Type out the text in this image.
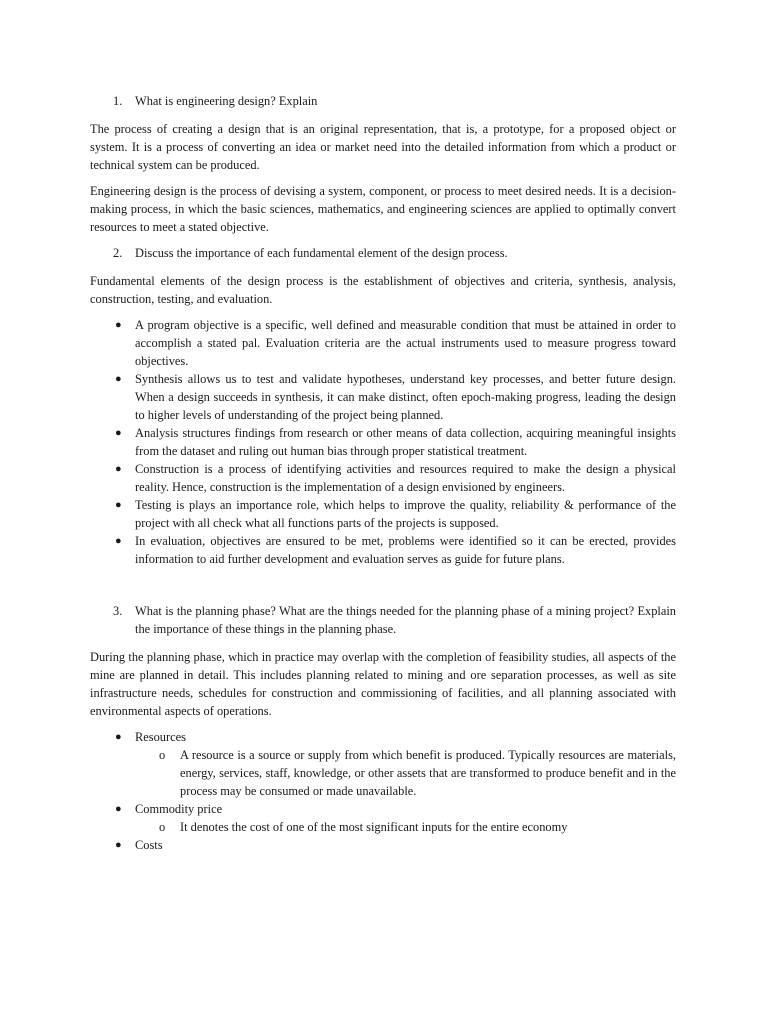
1. What is engineering design? Explain

The process of creating a design that is an original representation, that is, a prototype, for a proposed object or system. It is a process of converting an idea or market need into the detailed information from which a product or technical system can be produced.

Engineering design is the process of devising a system, component, or process to meet desired needs. It is a decision-making process, in which the basic sciences, mathematics, and engineering sciences are applied to optimally convert resources to meet a stated objective.

2. Discuss the importance of each fundamental element of the design process.

Fundamental elements of the design process is the establishment of objectives and criteria, synthesis, analysis, construction, testing, and evaluation.

● A program objective is a specific, well defined and measurable condition that must be attained in order to accomplish a stated pal. Evaluation criteria are the actual instruments used to measure progress toward objectives.
● Synthesis allows us to test and validate hypotheses, understand key processes, and better future design. When a design succeeds in synthesis, it can make distinct, often epoch-making progress, leading the design to higher levels of understanding of the project being planned.
● Analysis structures findings from research or other means of data collection, acquiring meaningful insights from the dataset and ruling out human bias through proper statistical treatment.
● Construction is a process of identifying activities and resources required to make the design a physical reality. Hence, construction is the implementation of a design envisioned by engineers.
● Testing is plays an importance role, which helps to improve the quality, reliability & performance of the project with all check what all functions parts of the projects is supposed.
● In evaluation, objectives are ensured to be met, problems were identified so it can be erected, provides information to aid further development and evaluation serves as guide for future plans.
3. What is the planning phase? What are the things needed for the planning phase of a mining project? Explain the importance of these things in the planning phase.

During the planning phase, which in practice may overlap with the completion of feasibility studies, all aspects of the mine are planned in detail. This includes planning related to mining and ore separation processes, as well as site infrastructure needs, schedules for construction and commissioning of facilities, and all planning associated with environmental aspects of operations.

● Resources
o A resource is a source or supply from which benefit is produced. Typically resources are materials, energy, services, staff, knowledge, or other assets that are transformed to produce benefit and in the process may be consumed or made unavailable.
● Commodity price
o It denotes the cost of one of the most significant inputs for the entire economy
● Costs
